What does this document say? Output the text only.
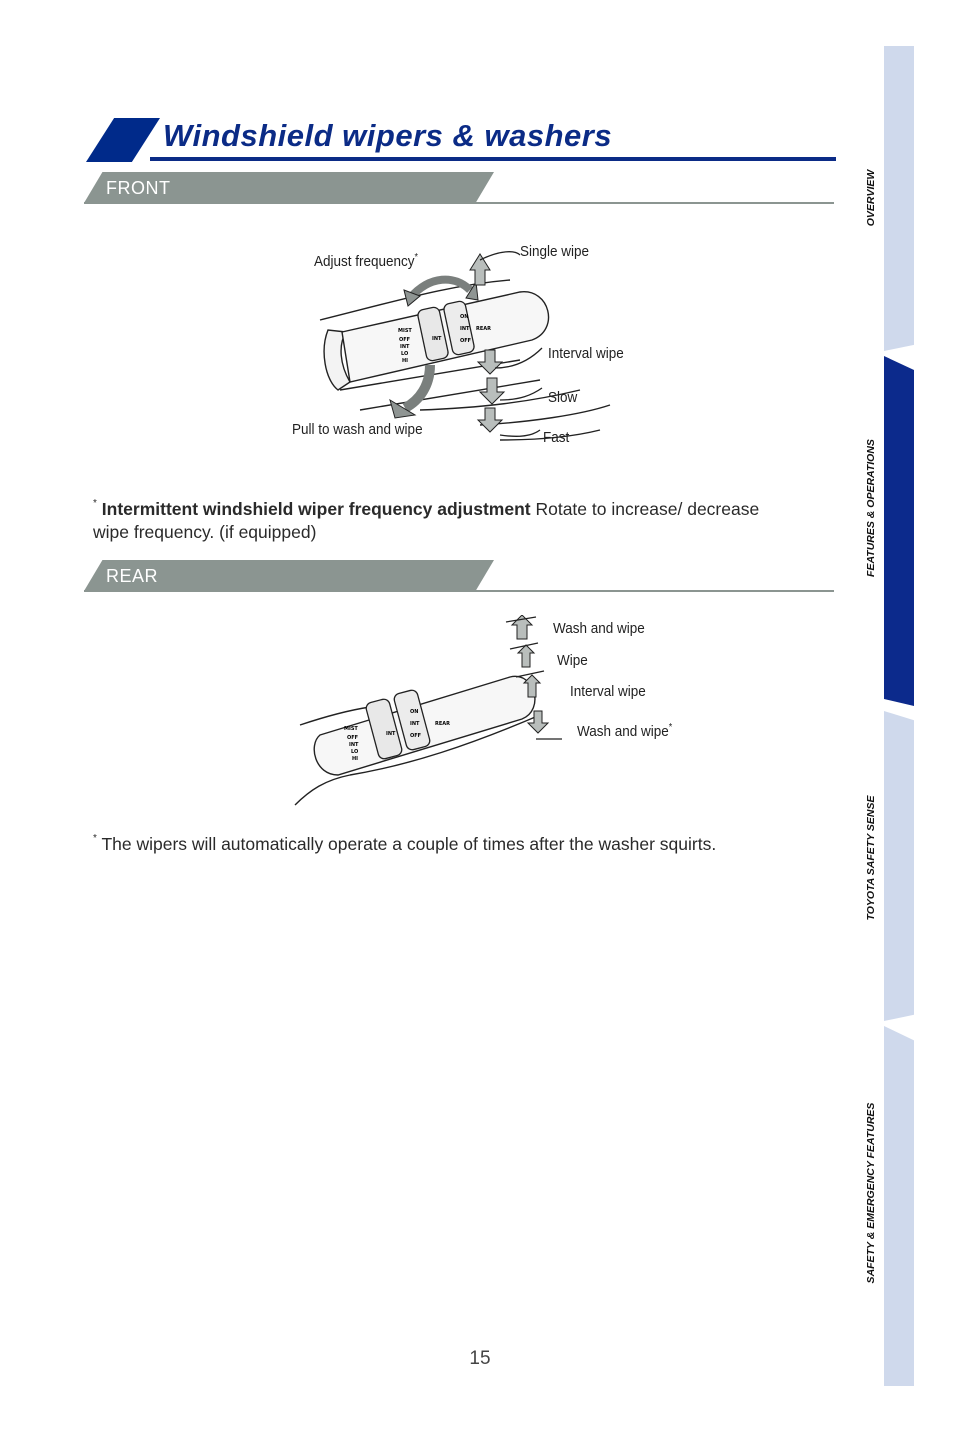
Windshield wipers & washers
FRONT
MIST
OFF
INT
LO
HI
INT
ON
INT
OFF
REAR
Adjust frequency*	Single wipe
Interval wipe
Slow
Fast
Pull to wash and wipe
* Intermittent windshield wiper frequency adjustment Rotate to increase/ decrease wipe frequency. (if equipped)
REAR
MIST
OFF
INT
LO
HI
INT
ON
INT
OFF
REAR
Wash and wipe
Wipe
Interval wipe
Wash and wipe*
* The wipers will automatically operate a couple of times after the washer squirts.
OVERVIEW
FEATURES & OPERATIONS
TOYOTA SAFETY SENSE
SAFETY & EMERGENCY FEATURES
15
